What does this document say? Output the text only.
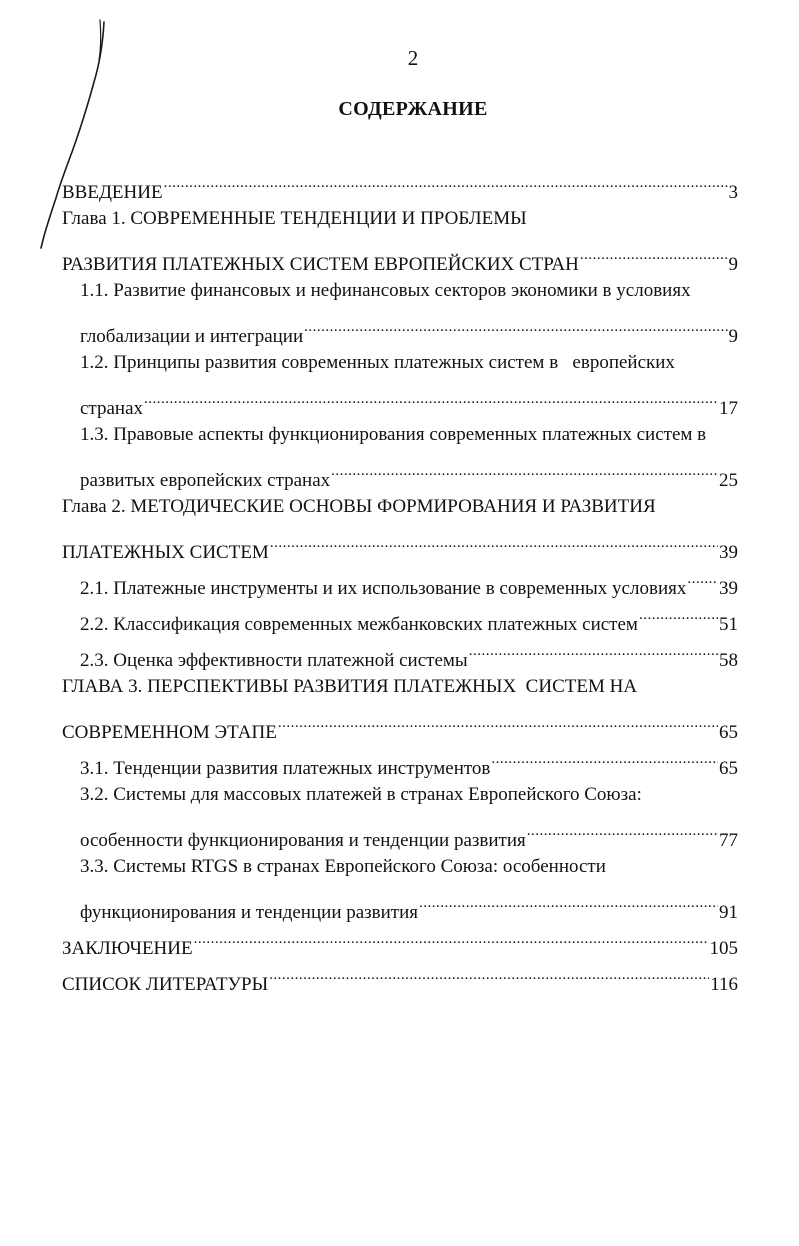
2
СОДЕРЖАНИЕ
ВВЕДЕНИЕ .....	3
Глава 1. СОВРЕМЕННЫЕ ТЕНДЕНЦИИ И ПРОБЛЕМЫ
РАЗВИТИЯ ПЛАТЕЖНЫХ СИСТЕМ ЕВРОПЕЙСКИХ СТРАН .....	9
1.1. Развитие финансовых и нефинансовых секторов экономики в условиях
глобализации и интеграции .....	9
1.2. Принципы развития современных платежных систем в   европейских
странах .....	17
1.3. Правовые аспекты функционирования современных платежных систем в
развитых европейских странах .....	25
Глава 2. МЕТОДИЧЕСКИЕ ОСНОВЫ ФОРМИРОВАНИЯ И РАЗВИТИЯ
ПЛАТЕЖНЫХ СИСТЕМ .....	39
2.1. Платежные инструменты и их использование в современных условиях ..... 39
2.2. Классификация современных межбанковских платежных систем .....	51
2.3. Оценка эффективности платежной системы .....	58
ГЛАВА 3. ПЕРСПЕКТИВЫ РАЗВИТИЯ ПЛАТЕЖНЫХ  СИСТЕМ НА
СОВРЕМЕННОМ ЭТАПЕ .....	65
3.1. Тенденции развития платежных инструментов .....	65
3.2. Системы для массовых платежей в странах Европейского Союза:
особенности функционирования и тенденции развития .....	77
3.3. Системы RTGS в странах Европейского Союза: особенности
функционирования и тенденции развития .....	91
ЗАКЛЮЧЕНИЕ .....	105
СПИСОК ЛИТЕРАТУРЫ .....	116
